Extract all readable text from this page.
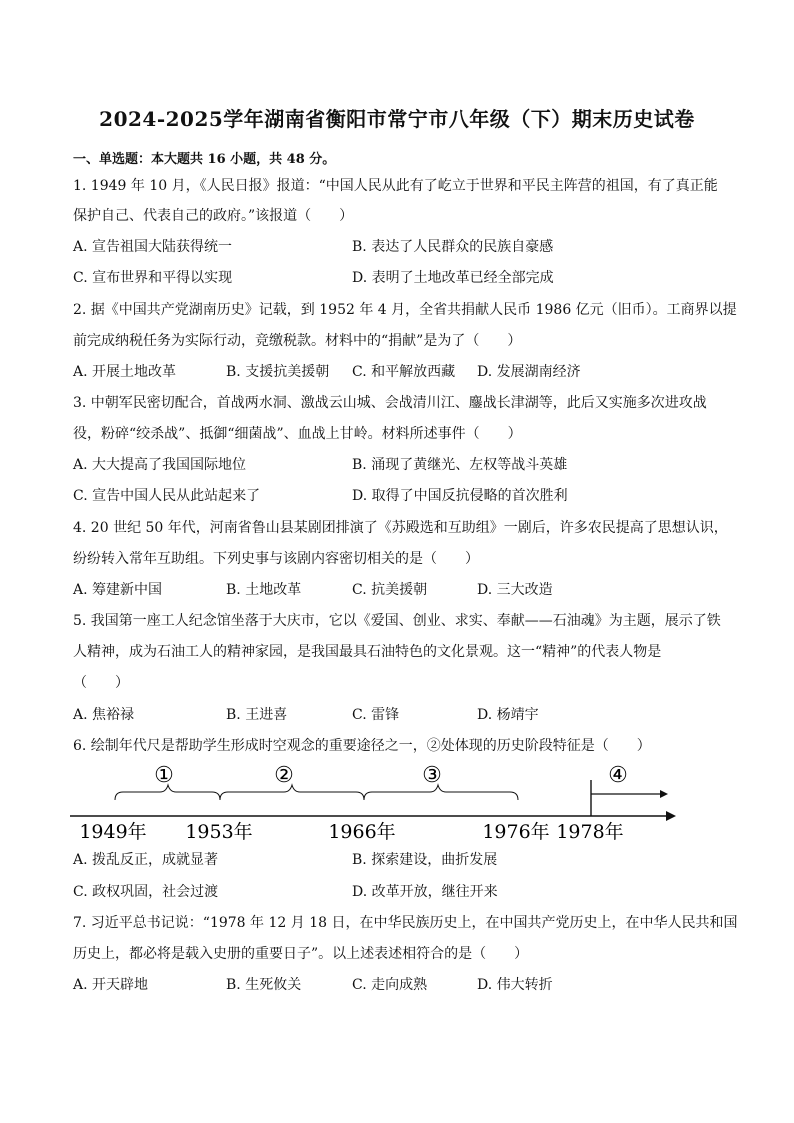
2024-2025学年湖南省衡阳市常宁市八年级（下）期末历史试卷
一、单选题：本大题共 16 小题，共 48 分。
1. 1949 年 10 月，《人民日报》报道：“中国人民从此有了屹立于世界和平民主阵营的祖国，有了真正能
保护自己、代表自己的政府。”该报道（　　）
A. 宣告祖国大陆获得统一	B. 表达了人民群众的民族自豪感
C. 宣布世界和平得以实现	D. 表明了土地改革已经全部完成
2. 据《中国共产党湖南历史》记载，到 1952 年 4 月，全省共捐献人民币 1986 亿元（旧币）。工商界以提
前完成纳税任务为实际行动，竞缴税款。材料中的“捐献”是为了（　　）
A. 开展土地改革	B. 支援抗美援朝 C. 和平解放西藏 D. 发展湖南经济
3. 中朝军民密切配合，首战两水洞、激战云山城、会战清川江、鏖战长津湖等，此后又实施多次进攻战
役，粉碎“绞杀战”、抵御“细菌战”、血战上甘岭。材料所述事件（　　）
A. 大大提高了我国国际地位	B. 涌现了黄继光、左权等战斗英雄
C. 宣告中国人民从此站起来了	D. 取得了中国反抗侵略的首次胜利
4. 20 世纪 50 年代，河南省鲁山县某剧团排演了《苏殿选和互助组》一剧后，许多农民提高了思想认识，
纷纷转入常年互助组。下列史事与该剧内容密切相关的是（　　）
A. 筹建新中国	B. 土地改革	C. 抗美援朝	D. 三大改造
5. 我国第一座工人纪念馆坐落于大庆市，它以《爱国、创业、求实、奉献——石油魂》为主题，展示了铁
人精神，成为石油工人的精神家园，是我国最具石油特色的文化景观。这一“精神”的代表人物是
（　　）
A. 焦裕禄	B. 王进喜	C. 雷锋	D. 杨靖宇
6. 绘制年代尺是帮助学生形成时空观念的重要途径之一，②处体现的历史阶段特征是（　　）
①	②	③	④
1949年 1953年	1966年	1976年 1978年
A. 拨乱反正，成就显著	B. 探索建设，曲折发展
C. 政权巩固，社会过渡	D. 改革开放，继往开来
7. 习近平总书记说：“1978 年 12 月 18 日，在中华民族历史上，在中国共产党历史上，在中华人民共和国
历史上，都必将是载入史册的重要日子”。以上述表述相符合的是（　　）
A. 开天辟地	B. 生死攸关	C. 走向成熟	D. 伟大转折
